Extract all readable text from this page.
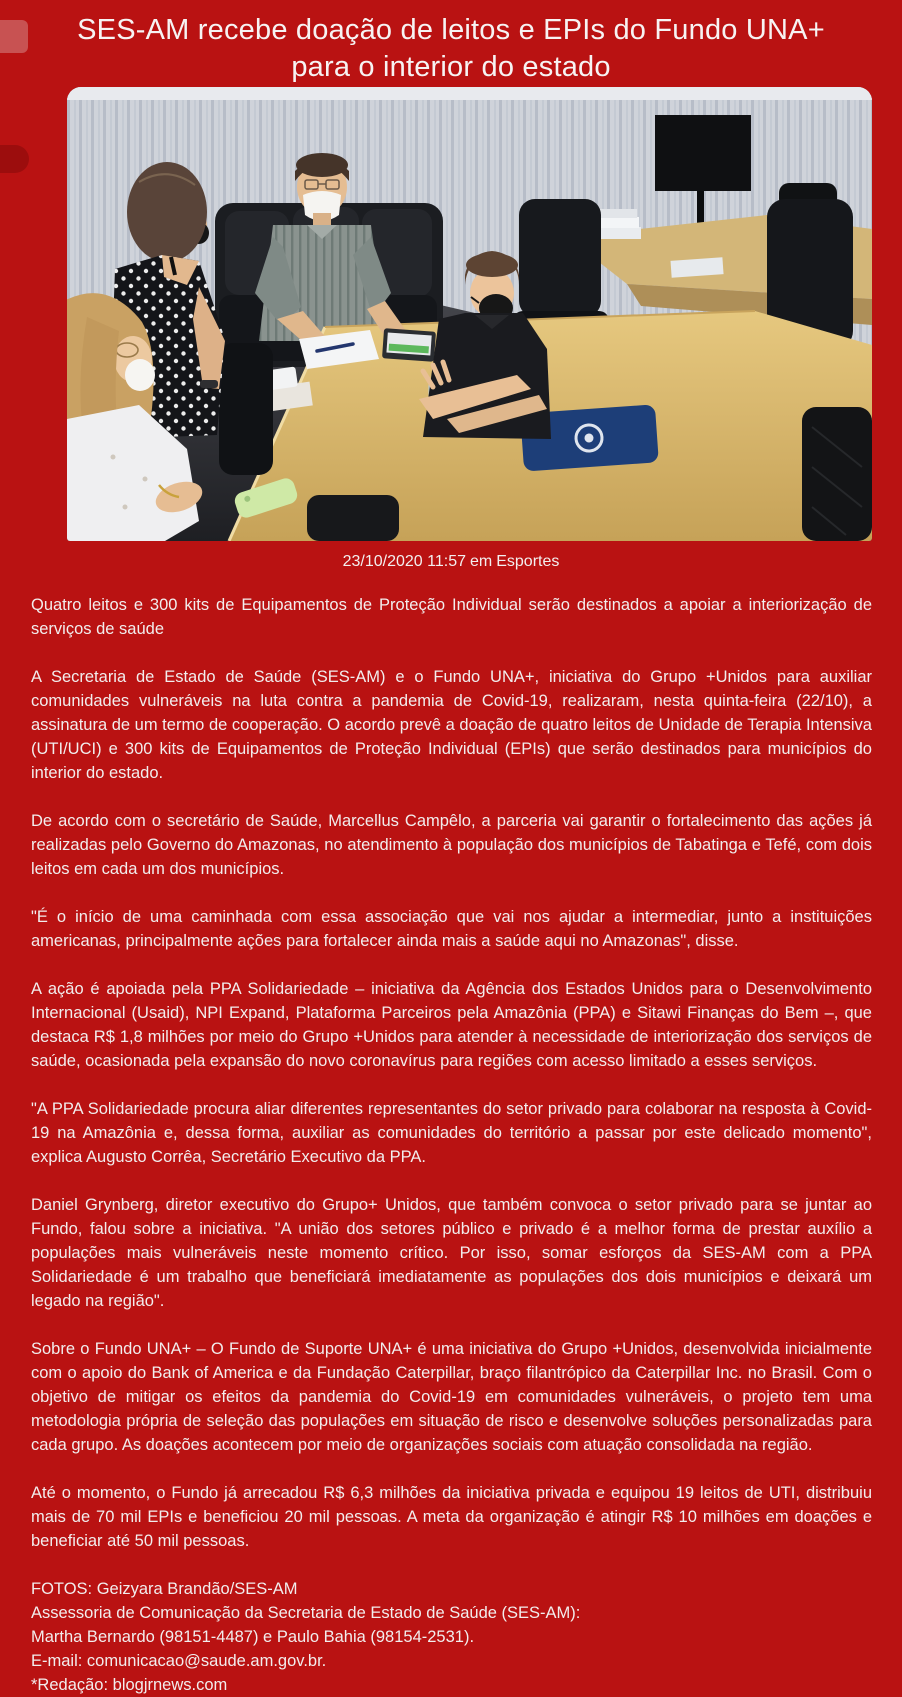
SES-AM recebe doação de leitos e EPIs do Fundo UNA+ para o interior do estado
23/10/2020 11:57 em Esportes

Quatro leitos e 300 kits de Equipamentos de Proteção Individual serão destinados a apoiar a interiorização de serviços de saúde

A Secretaria de Estado de Saúde (SES-AM) e o Fundo UNA+, iniciativa do Grupo +Unidos para auxiliar comunidades vulneráveis na luta contra a pandemia de Covid-19, realizaram, nesta quinta-feira (22/10), a assinatura de um termo de cooperação. O acordo prevê a doação de quatro leitos de Unidade de Terapia Intensiva (UTI/UCI) e 300 kits de Equipamentos de Proteção Individual (EPIs) que serão destinados para municípios do interior do estado.

De acordo com o secretário de Saúde, Marcellus Campêlo, a parceria vai garantir o fortalecimento das ações já realizadas pelo Governo do Amazonas, no atendimento à população dos municípios de Tabatinga e Tefé, com dois leitos em cada um dos municípios.

"É o início de uma caminhada com essa associação que vai nos ajudar a intermediar, junto a instituições americanas, principalmente ações para fortalecer ainda mais a saúde aqui no Amazonas", disse.

A ação é apoiada pela PPA Solidariedade – iniciativa da Agência dos Estados Unidos para o Desenvolvimento Internacional (Usaid), NPI Expand, Plataforma Parceiros pela Amazônia (PPA) e Sitawi Finanças do Bem –, que destaca R$ 1,8 milhões por meio do Grupo +Unidos para atender à necessidade de interiorização dos serviços de saúde, ocasionada pela expansão do novo coronavírus para regiões com acesso limitado a esses serviços.

"A PPA Solidariedade procura aliar diferentes representantes do setor privado para colaborar na resposta à Covid-19 na Amazônia e, dessa forma, auxiliar as comunidades do território a passar por este delicado momento", explica Augusto Corrêa, Secretário Executivo da PPA.

Daniel Grynberg, diretor executivo do Grupo+ Unidos, que também convoca o setor privado para se juntar ao Fundo, falou sobre a iniciativa. "A união dos setores público e privado é a melhor forma de prestar auxílio a populações mais vulneráveis neste momento crítico. Por isso, somar esforços da SES-AM com a PPA Solidariedade é um trabalho que beneficiará imediatamente as populações dos dois municípios e deixará um legado na região".

Sobre o Fundo UNA+ – O Fundo de Suporte UNA+ é uma iniciativa do Grupo +Unidos, desenvolvida inicialmente com o apoio do Bank of America e da Fundação Caterpillar, braço filantrópico da Caterpillar Inc. no Brasil. Com o objetivo de mitigar os efeitos da pandemia do Covid-19 em comunidades vulneráveis, o projeto tem uma metodologia própria de seleção das populações em situação de risco e desenvolve soluções personalizadas para cada grupo. As doações acontecem por meio de organizações sociais com atuação consolidada na região.

Até o momento, o Fundo já arrecadou R$ 6,3 milhões da iniciativa privada e equipou 19 leitos de UTI, distribuiu mais de 70 mil EPIs e beneficiou 20 mil pessoas. A meta da organização é atingir R$ 10 milhões em doações e beneficiar até 50 mil pessoas.

FOTOS: Geizyara Brandão/SES-AM
Assessoria de Comunicação da Secretaria de Estado de Saúde (SES-AM):
Martha Bernardo (98151-4487) e Paulo Bahia (98154-2531).
E-mail: comunicacao@saude.am.gov.br.
*Redação: blogjrnews.com
